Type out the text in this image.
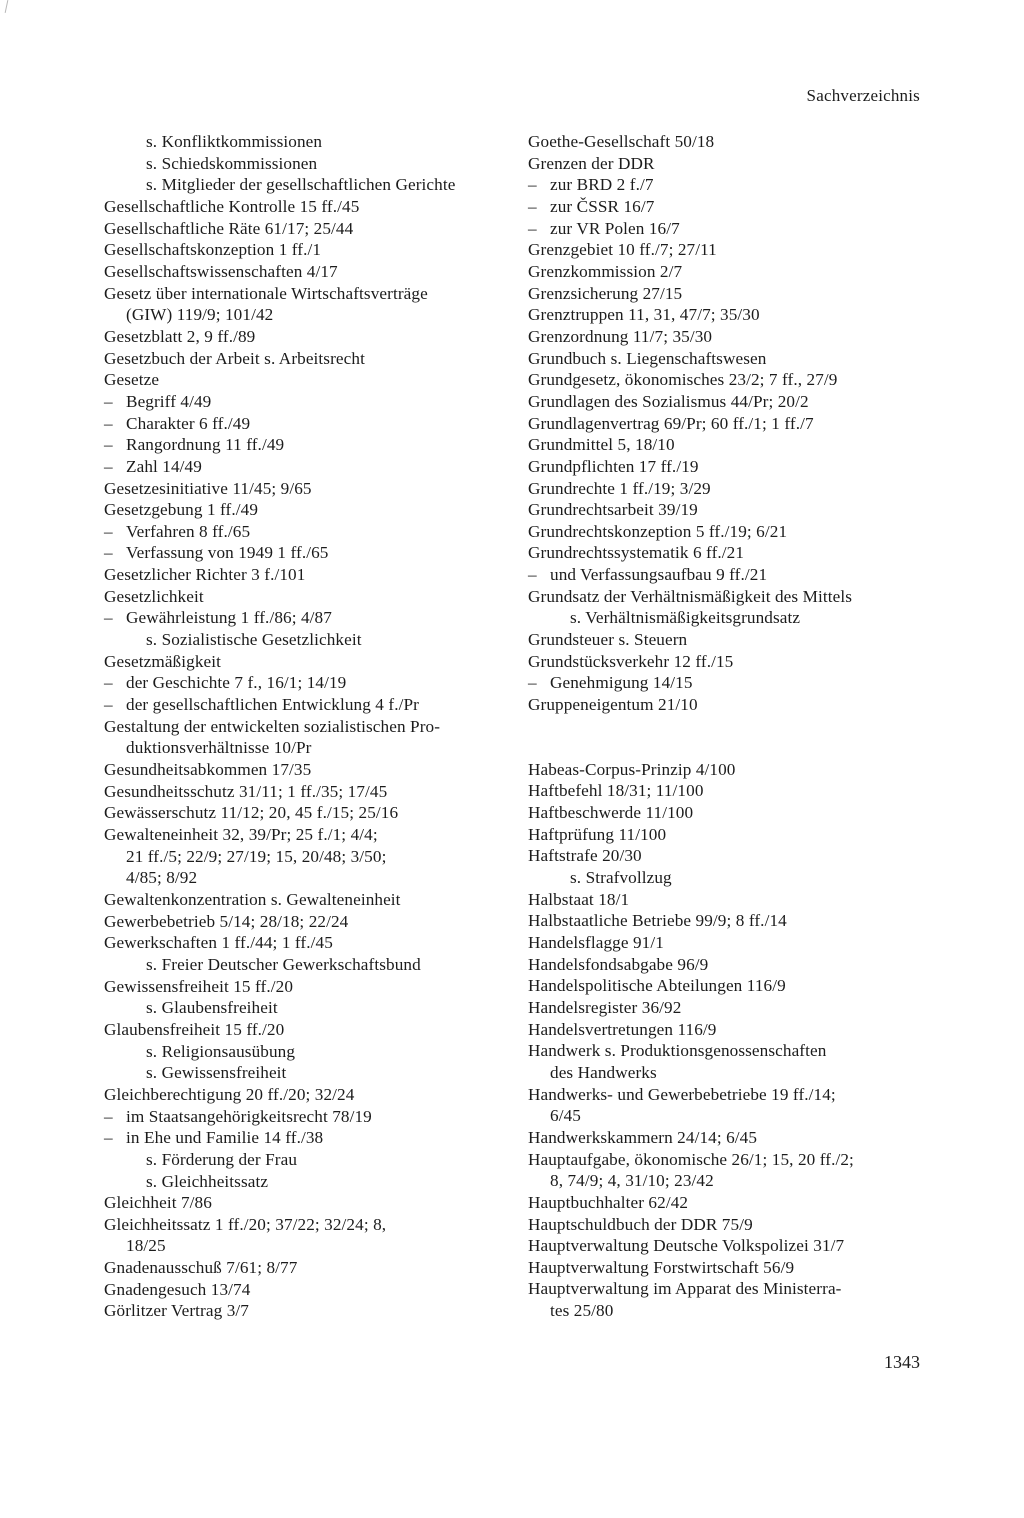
Sachverzeichnis
s. Konfliktkommissionen
s. Schiedskommissionen
s. Mitglieder der gesellschaftlichen Gerichte
Gesellschaftliche Kontrolle 15 ff./45
Gesellschaftliche Räte 61/17; 25/44
Gesellschaftskonzeption 1 ff./1
Gesellschaftswissenschaften 4/17
Gesetz über internationale Wirtschaftsverträge
(GIW) 119/9; 101/42
Gesetzblatt 2, 9 ff./89
Gesetzbuch der Arbeit s. Arbeitsrecht
Gesetze
– Begriff 4/49
– Charakter 6 ff./49
– Rangordnung 11 ff./49
– Zahl 14/49
Gesetzesinitiative 11/45; 9/65
Gesetzgebung 1 ff./49
– Verfahren 8 ff./65
– Verfassung von 1949 1 ff./65
Gesetzlicher Richter 3 f./101
Gesetzlichkeit
– Gewährleistung 1 ff./86; 4/87
s. Sozialistische Gesetzlichkeit
Gesetzmäßigkeit
– der Geschichte 7 f., 16/1; 14/19
– der gesellschaftlichen Entwicklung 4 f./Pr
Gestaltung der entwickelten sozialistischen Pro-
duktionsverhältnisse 10/Pr
Gesundheitsabkommen 17/35
Gesundheitsschutz 31/11; 1 ff./35; 17/45
Gewässerschutz 11/12; 20, 45 f./15; 25/16
Gewalteneinheit 32, 39/Pr; 25 f./1; 4/4;
21 ff./5; 22/9; 27/19; 15, 20/48; 3/50;
4/85; 8/92
Gewaltenkonzentration s. Gewalteneinheit
Gewerbebetrieb 5/14; 28/18; 22/24
Gewerkschaften 1 ff./44; 1 ff./45
s. Freier Deutscher Gewerkschaftsbund
Gewissensfreiheit 15 ff./20
s. Glaubensfreiheit
Glaubensfreiheit 15 ff./20
s. Religionsausübung
s. Gewissensfreiheit
Gleichberechtigung 20 ff./20; 32/24
– im Staatsangehörigkeitsrecht 78/19
– in Ehe und Familie 14 ff./38
s. Förderung der Frau
s. Gleichheitssatz
Gleichheit 7/86
Gleichheitssatz 1 ff./20; 37/22; 32/24; 8,
18/25
Gnadenausschuß 7/61; 8/77
Gnadengesuch 13/74
Görlitzer Vertrag 3/7
Goethe-Gesellschaft 50/18
Grenzen der DDR
– zur BRD 2 f./7
– zur ČSSR 16/7
– zur VR Polen 16/7
Grenzgebiet 10 ff./7; 27/11
Grenzkommission 2/7
Grenzsicherung 27/15
Grenztruppen 11, 31, 47/7; 35/30
Grenzordnung 11/7; 35/30
Grundbuch s. Liegenschaftswesen
Grundgesetz, ökonomisches 23/2; 7 ff., 27/9
Grundlagen des Sozialismus 44/Pr; 20/2
Grundlagenvertrag 69/Pr; 60 ff./1; 1 ff./7
Grundmittel 5, 18/10
Grundpflichten 17 ff./19
Grundrechte 1 ff./19; 3/29
Grundrechtsarbeit 39/19
Grundrechtskonzeption 5 ff./19; 6/21
Grundrechtssystematik 6 ff./21
– und Verfassungsaufbau 9 ff./21
Grundsatz der Verhältnismäßigkeit des Mittels
s. Verhältnismäßigkeitsgrundsatz
Grundsteuer s. Steuern
Grundstücksverkehr 12 ff./15
– Genehmigung 14/15
Gruppeneigentum 21/10
Habeas-Corpus-Prinzip 4/100
Haftbefehl 18/31; 11/100
Haftbeschwerde 11/100
Haftprüfung 11/100
Haftstrafe 20/30
s. Strafvollzug
Halbstaat 18/1
Halbstaatliche Betriebe 99/9; 8 ff./14
Handelsflagge 91/1
Handelsfondsabgabe 96/9
Handelspolitische Abteilungen 116/9
Handelsregister 36/92
Handelsvertretungen 116/9
Handwerk s. Produktionsgenossenschaften
des Handwerks
Handwerks- und Gewerbebetriebe 19 ff./14;
6/45
Handwerkskammern 24/14; 6/45
Hauptaufgabe, ökonomische 26/1; 15, 20 ff./2;
8, 74/9; 4, 31/10; 23/42
Hauptbuchhalter 62/42
Hauptschuldbuch der DDR 75/9
Hauptverwaltung Deutsche Volkspolizei 31/7
Hauptverwaltung Forstwirtschaft 56/9
Hauptverwaltung im Apparat des Ministerra-
tes 25/80
1343
